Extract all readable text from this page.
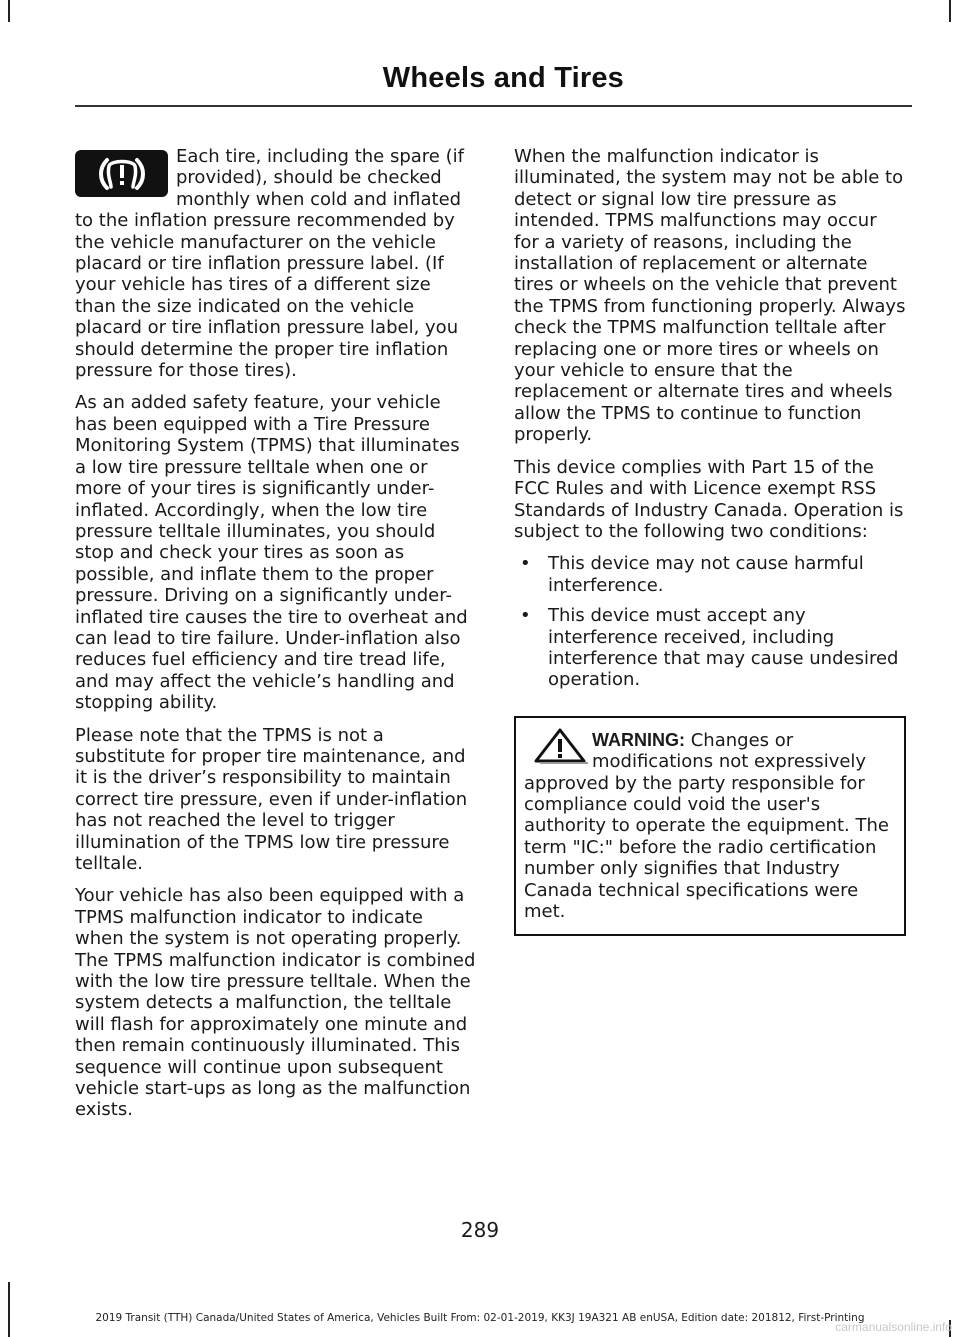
Wheels and Tires

Each tire, including the spare (if provided), should be checked monthly when cold and inflated to the inflation pressure recommended by the vehicle manufacturer on the vehicle placard or tire inflation pressure label. (If your vehicle has tires of a different size than the size indicated on the vehicle placard or tire inflation pressure label, you should determine the proper tire inflation pressure for those tires).

As an added safety feature, your vehicle has been equipped with a Tire Pressure Monitoring System (TPMS) that illuminates a low tire pressure telltale when one or more of your tires is significantly under-inflated. Accordingly, when the low tire pressure telltale illuminates, you should stop and check your tires as soon as possible, and inflate them to the proper pressure. Driving on a significantly under-inflated tire causes the tire to overheat and can lead to tire failure. Under-inflation also reduces fuel efficiency and tire tread life, and may affect the vehicle’s handling and stopping ability.

Please note that the TPMS is not a substitute for proper tire maintenance, and it is the driver’s responsibility to maintain correct tire pressure, even if under-inflation has not reached the level to trigger illumination of the TPMS low tire pressure telltale.

Your vehicle has also been equipped with a TPMS malfunction indicator to indicate when the system is not operating properly. The TPMS malfunction indicator is combined with the low tire pressure telltale. When the system detects a malfunction, the telltale will flash for approximately one minute and then remain continuously illuminated. This sequence will continue upon subsequent vehicle start-ups as long as the malfunction exists.

When the malfunction indicator is illuminated, the system may not be able to detect or signal low tire pressure as intended. TPMS malfunctions may occur for a variety of reasons, including the installation of replacement or alternate tires or wheels on the vehicle that prevent the TPMS from functioning properly. Always check the TPMS malfunction telltale after replacing one or more tires or wheels on your vehicle to ensure that the replacement or alternate tires and wheels allow the TPMS to continue to function properly.

This device complies with Part 15 of the FCC Rules and with Licence exempt RSS Standards of Industry Canada. Operation is subject to the following two conditions:

• This device may not cause harmful interference.
• This device must accept any interference received, including interference that may cause undesired operation.
WARNING: Changes or modifications not expressively approved by the party responsible for compliance could void the user's authority to operate the equipment. The term "IC:" before the radio certification number only signifies that Industry Canada technical specifications were met.
289
2019 Transit (TTH) Canada/United States of America, Vehicles Built From: 02-01-2019, KK3J 19A321 AB enUSA, Edition date: 201812, First-Printing
carmanualsonline.info
